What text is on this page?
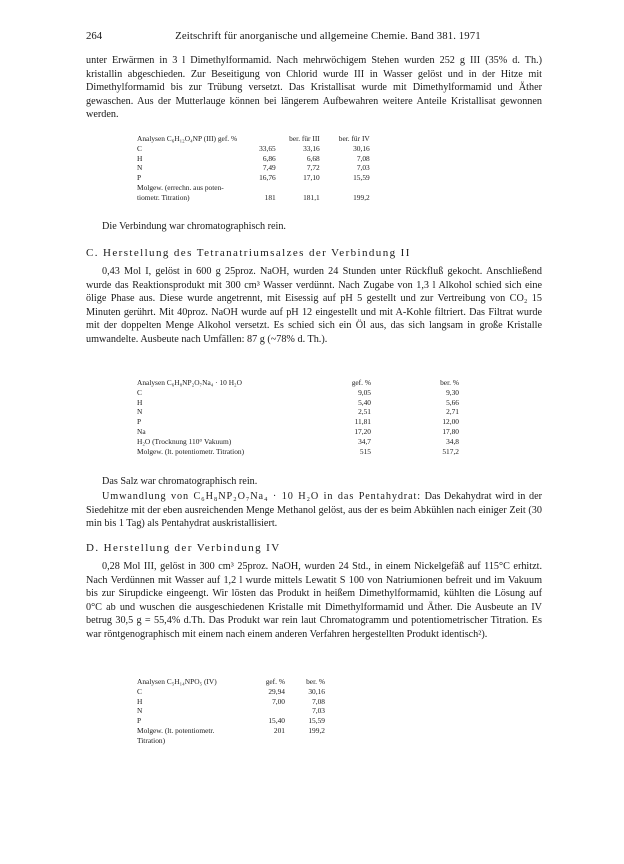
264	Zeitschrift für anorganische und allgemeine Chemie. Band 381. 1971

unter Erwärmen in 3 l Dimethylformamid. Nach mehrwöchigem Stehen wurden 252 g III (35% d. Th.) kristallin abgeschieden. Zur Beseitigung von Chlorid wurde III in Wasser gelöst und in der Hitze mit Dimethylformamid bis zur Trübung versetzt. Das Kristallisat wurde mit Dimethylformamid und Äther gewaschen. Aus der Mutterlauge können bei längerem Aufbewahren weitere Anteile Kristallisat gewonnen werden.

Analysen C₆H₁₂O₄NP (III) gef. %		ber. für III	ber. für IV
C	33,65	33,16	30,16
H	6,86	6,68	7,08
N	7,49	7,72	7,03
P	16,76	17,10	15,59
Molgew. (errechn. aus poten-			
tiometr. Titration)	181	181,1	199,2

Die Verbindung war chromatographisch rein.

C. Herstellung des Tetranatriumsalzes der Verbindung II

0,43 Mol I, gelöst in 600 g 25proz. NaOH, wurden 24 Stunden unter Rückfluß gekocht. Anschließend wurde das Reaktionsprodukt mit 300 cm³ Wasser verdünnt. Nach Zugabe von 1,3 l Alkohol schied sich eine ölige Phase aus. Diese wurde angetrennt, mit Eisessig auf pH 5 gestellt und zur Vertreibung von CO₂ 15 Minuten gerührt. Mit 40proz. NaOH wurde auf pH 12 eingestellt und mit A-Kohle filtriert. Das Filtrat wurde mit der doppelten Menge Alkohol versetzt. Es schied sich ein Öl aus, das sich langsam in große Kristalle umwandelte. Ausbeute nach Umfällen: 87 g (~78% d. Th.).

Analysen C₆H₈NP₂O₇Na₄ · 10 H₂O	gef. %	ber. %
C	9,05	9,30
H	5,40	5,66
N	2,51	2,71
P	11,81	12,00
Na	17,20	17,80
H₂O (Trocknung 110° Vakuum)	34,7	34,8
Molgew. (lt. potentiometr. Titration)	515	517,2

Das Salz war chromatographisch rein.

Umwandlung von C₆H₈NP₂O₇Na₄ · 10 H₂O in das Pentahydrat: Das Dekahydrat wird in der Siedehitze mit der eben ausreichenden Menge Methanol gelöst, aus der es beim Abkühlen nach einiger Zeit (30 min bis 1 Tag) als Pentahydrat auskristallisiert.

D. Herstellung der Verbindung IV

0,28 Mol III, gelöst in 300 cm³ 25proz. NaOH, wurden 24 Std., in einem Nickelgefäß auf 115°C erhitzt. Nach Verdünnen mit Wasser auf 1,2 l wurde mittels Lewatit S 100 von Natriumionen befreit und im Vakuum bis zur Sirupdicke eingeengt. Wir lösten das Produkt in heißem Dimethylformamid, kühlten die Lösung auf 0°C ab und wuschen die ausgeschiedenen Kristalle mit Dimethylformamid und Äther. Die Ausbeute an IV betrug 30,5 g = 55,4% d.Th. Das Produkt war rein laut Chromatogramm und potentiometrischer Titration. Es war röntgenographisch mit einem nach einem anderen Verfahren hergestellten Produkt identisch²).

Analysen C₅H₁₄NPO₅ (IV)	gef. %	ber. %
C	29,94	30,16
H	7,00	7,08
N		7,03
P	15,40	15,59
Molgew. (lt. potentiometr.	201	199,2
Titration)		
